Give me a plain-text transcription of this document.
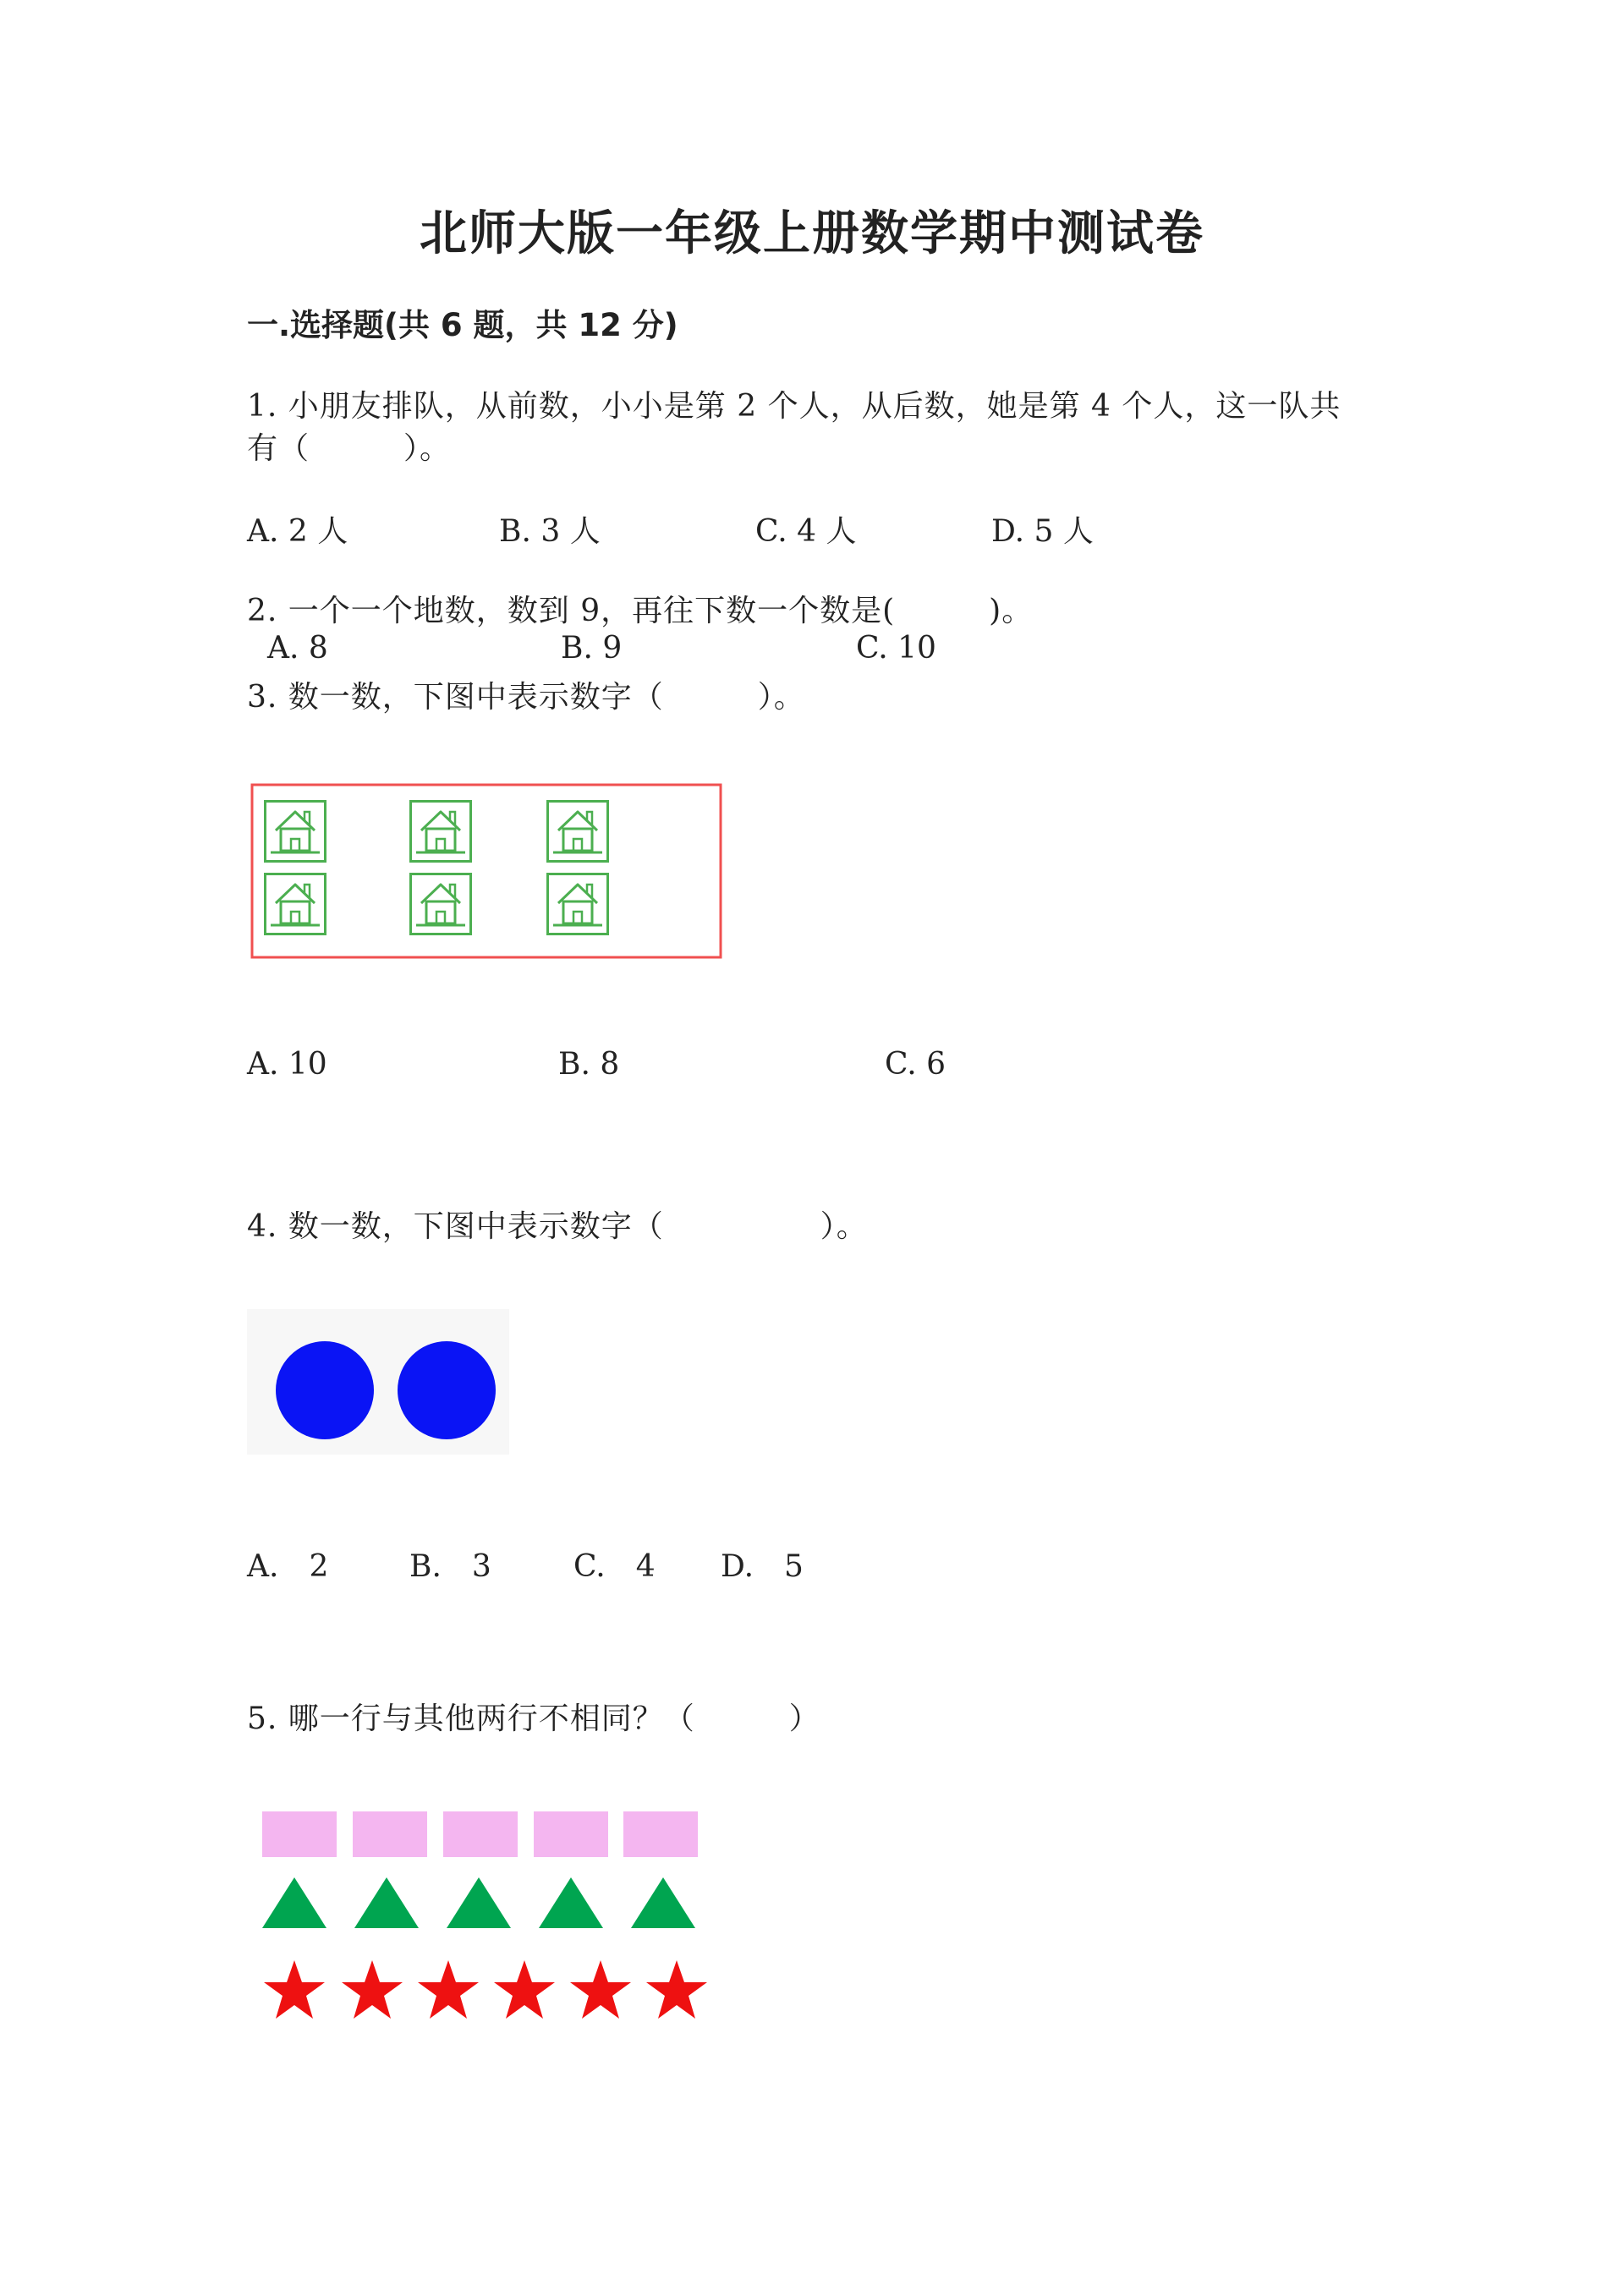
北师大版一年级上册数学期中测试卷
一.选择题(共 6 题，共 12 分)
1. 小朋友排队，从前数，小小是第 2 个人，从后数，她是第 4 个人，这一队共
有（　　　）。
A. 2 人	B. 3 人	C. 4 人	D. 5 人
2. 一个一个地数，数到 9，再往下数一个数是(　　　)。
A. 8	B. 9	C. 10
3. 数一数，下图中表示数字（　　　）。
A. 10	B. 8	C. 6
4. 数一数，下图中表示数字（　　　　　）。
A.　2	B.　3	C.　4 D.　5
5. 哪一行与其他两行不相同？（　　　）
